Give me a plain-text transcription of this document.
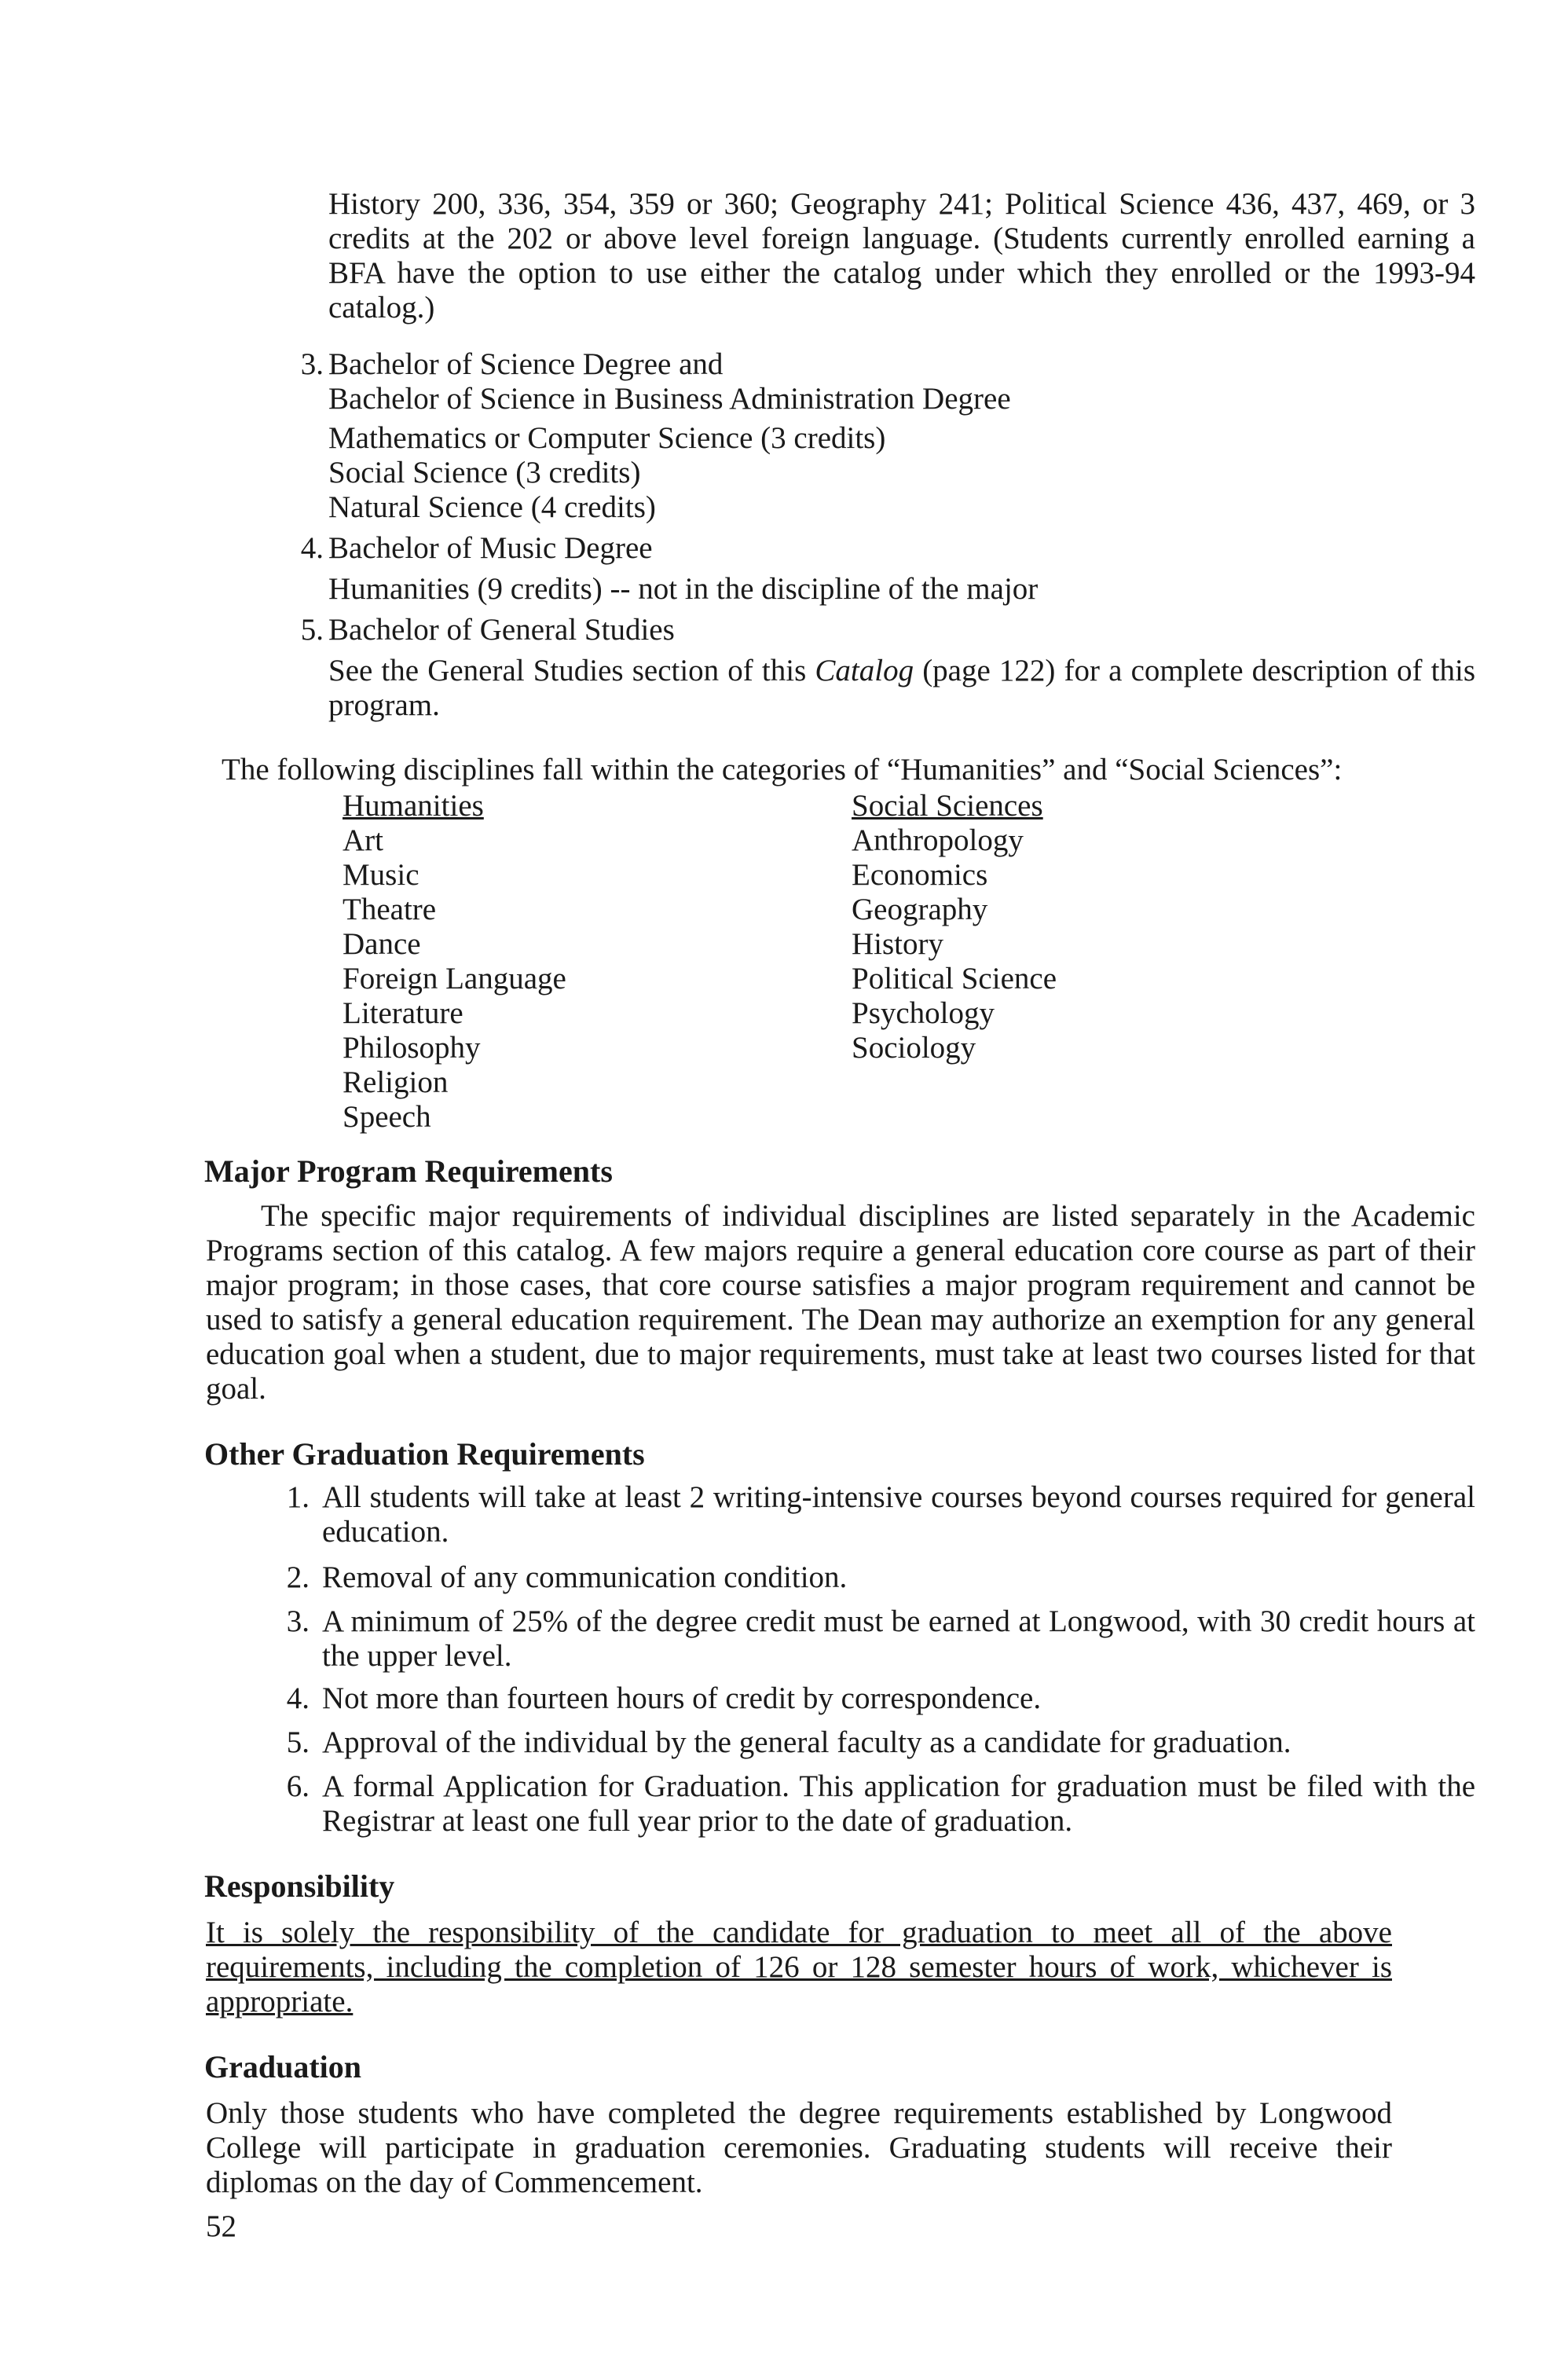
History 200, 336, 354, 359 or 360; Geography 241; Political Science 436, 437, 469, or 3 credits at the 202 or above level foreign language. (Students currently enrolled earning a BFA have the option to use either the catalog under which they enrolled or the 1993-94 catalog.)

3. Bachelor of Science Degree and

Bachelor of Science in Business Administration Degree

Mathematics or Computer Science (3 credits)

Social Science (3 credits)

Natural Science (4 credits)

4. Bachelor of Music Degree

Humanities (9 credits) -- not in the discipline of the major

5. Bachelor of General Studies

See the General Studies section of this Catalog (page 122) for a complete description of this program.

The following disciplines fall within the categories of “Humanities” and “Social Sciences”:

Humanities

Art

Music

Theatre

Dance

Foreign Language

Literature

Philosophy

Religion

Speech

Social Sciences

Anthropology

Economics

Geography

History

Political Science

Psychology

Sociology

Major Program Requirements

The specific major requirements of individual disciplines are listed separately in the Academic Programs section of this catalog. A few majors require a general education core course as part of their major program; in those cases, that core course satisfies a major program requirement and cannot be used to satisfy a general education requirement. The Dean may authorize an exemption for any general education goal when a student, due to major requirements, must take at least two courses listed for that goal.

Other Graduation Requirements
1. All students will take at least 2 writing-intensive courses beyond courses required for general education.

2. Removal of any communication condition.

3. A minimum of 25% of the degree credit must be earned at Longwood, with 30 credit hours at the upper level.

4. Not more than fourteen hours of credit by correspondence.

5. Approval of the individual by the general faculty as a candidate for graduation.

6. A formal Application for Graduation. This application for graduation must be filed with the Registrar at least one full year prior to the date of graduation.

Responsibility

It is solely the responsibility of the candidate for graduation to meet all of the above requirements, including the completion of 126 or 128 semester hours of work, whichever is appropriate.

Graduation

Only those students who have completed the degree requirements established by Longwood College will participate in graduation ceremonies. Graduating students will receive their diplomas on the day of Commencement.

52
